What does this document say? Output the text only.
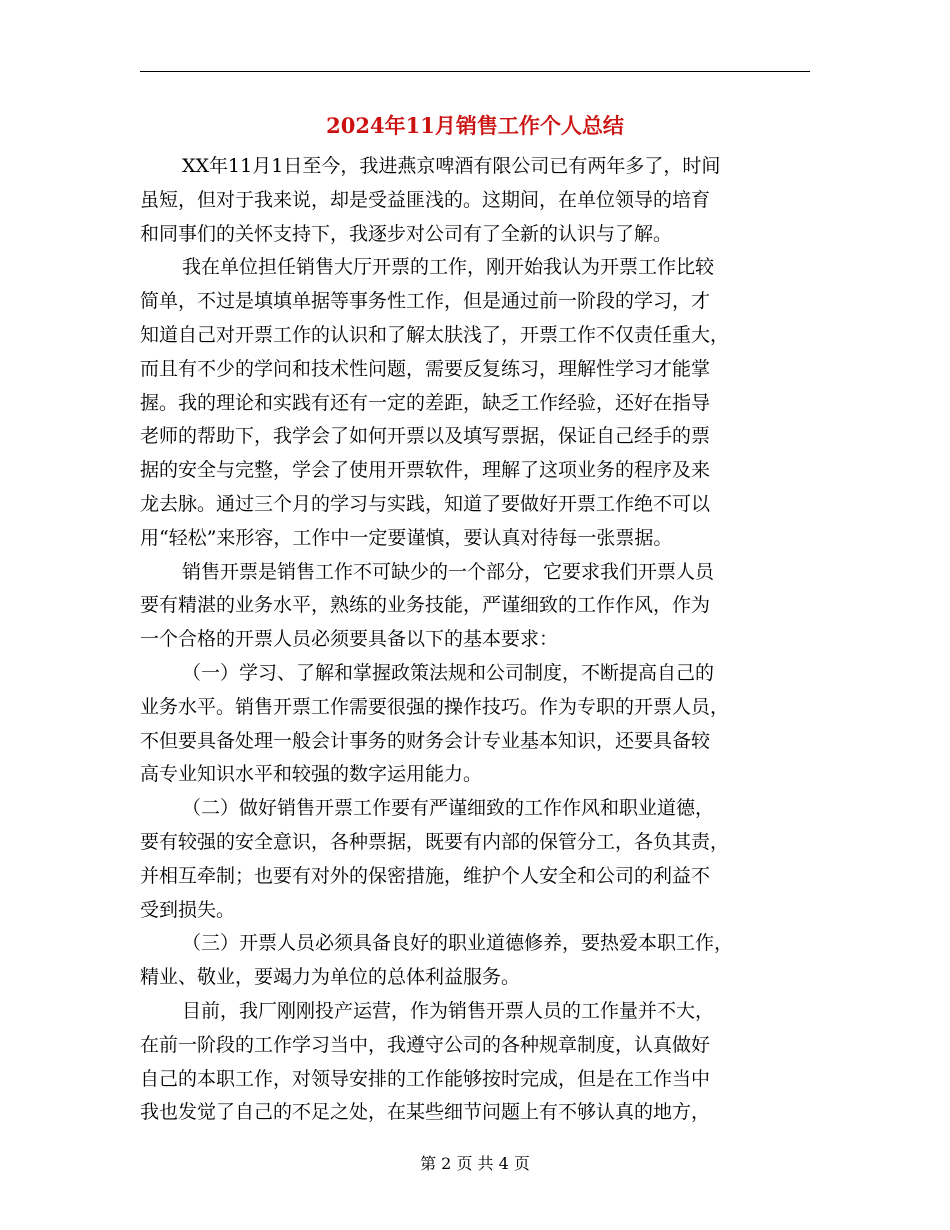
2024年11月销售工作个人总结
XX年11月1日至今，我进燕京啤酒有限公司已有两年多了，时间
虽短，但对于我来说，却是受益匪浅的。这期间，在单位领导的培育
和同事们的关怀支持下，我逐步对公司有了全新的认识与了解。
我在单位担任销售大厅开票的工作，刚开始我认为开票工作比较
简单，不过是填填单据等事务性工作，但是通过前一阶段的学习，才
知道自己对开票工作的认识和了解太肤浅了，开票工作不仅责任重大，
而且有不少的学问和技术性问题，需要反复练习，理解性学习才能掌
握。我的理论和实践有还有一定的差距，缺乏工作经验，还好在指导
老师的帮助下，我学会了如何开票以及填写票据，保证自己经手的票
据的安全与完整，学会了使用开票软件，理解了这项业务的程序及来
龙去脉。通过三个月的学习与实践，知道了要做好开票工作绝不可以
用“轻松”来形容，工作中一定要谨慎，要认真对待每一张票据。
销售开票是销售工作不可缺少的一个部分，它要求我们开票人员
要有精湛的业务水平，熟练的业务技能，严谨细致的工作作风，作为
一个合格的开票人员必须要具备以下的基本要求：
（一）学习、了解和掌握政策法规和公司制度，不断提高自己的
业务水平。销售开票工作需要很强的操作技巧。作为专职的开票人员，
不但要具备处理一般会计事务的财务会计专业基本知识，还要具备较
高专业知识水平和较强的数字运用能力。
（二）做好销售开票工作要有严谨细致的工作作风和职业道德，
要有较强的安全意识，各种票据，既要有内部的保管分工，各负其责，
并相互牵制；也要有对外的保密措施，维护个人安全和公司的利益不
受到损失。
（三）开票人员必须具备良好的职业道德修养，要热爱本职工作，
精业、敬业，要竭力为单位的总体利益服务。
目前，我厂刚刚投产运营，作为销售开票人员的工作量并不大，
在前一阶段的工作学习当中，我遵守公司的各种规章制度，认真做好
自己的本职工作，对领导安排的工作能够按时完成，但是在工作当中
我也发觉了自己的不足之处，在某些细节问题上有不够认真的地方，
第 2 页 共 4 页
